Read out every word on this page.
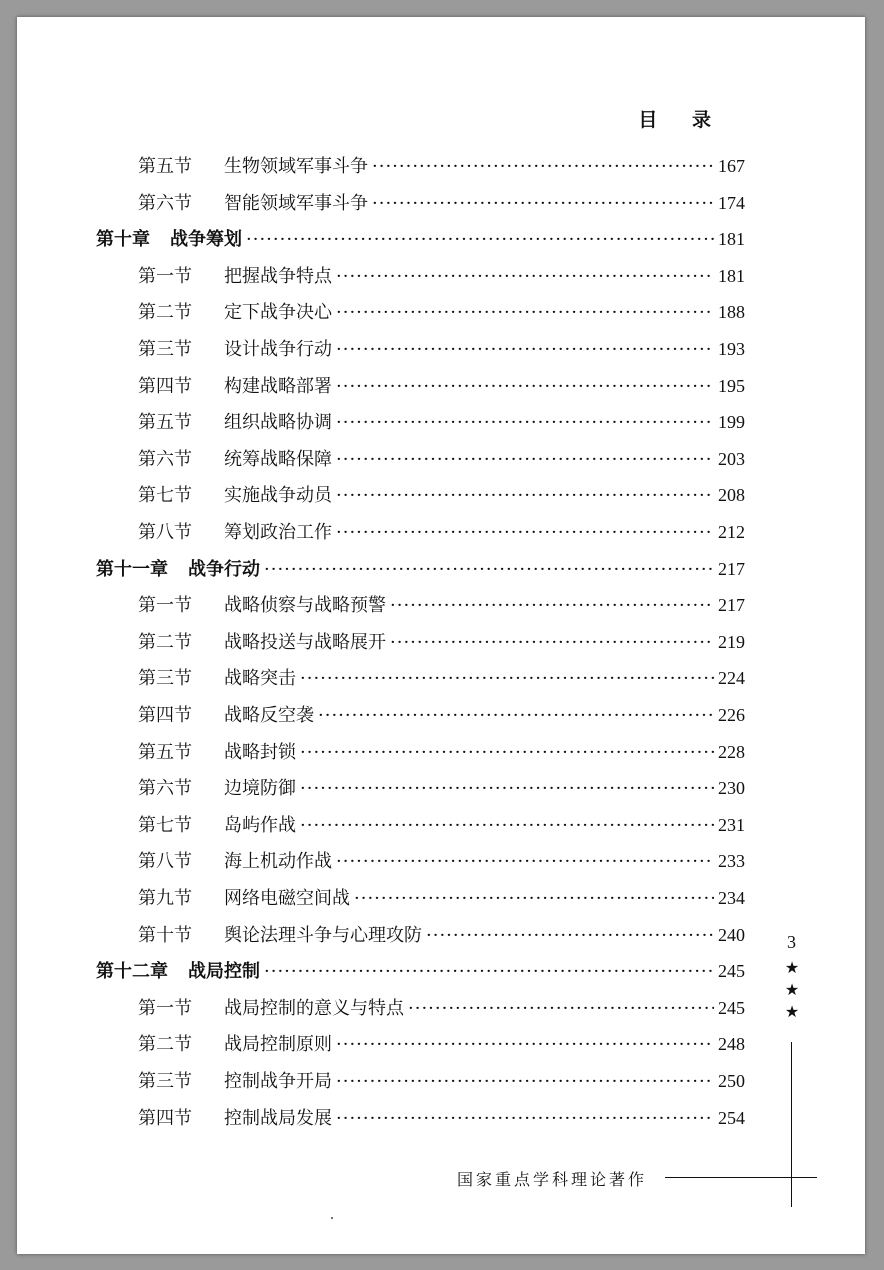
目 录
第五节	生物领域军事斗争 ·····	167
第六节	智能领域军事斗争 ·····	174
第十章 战争筹划 ·····	181
第一节	把握战争特点 ·····	181
第二节	定下战争决心 ·····	188
第三节	设计战争行动 ·····	193
第四节	构建战略部署 ·····	195
第五节	组织战略协调 ·····	199
第六节	统筹战略保障 ·····	203
第七节	实施战争动员 ·····	208
第八节	筹划政治工作 ·····	212
第十一章 战争行动 ·····	217
第一节	战略侦察与战略预警 ·····	217
第二节	战略投送与战略展开 ·····	219
第三节	战略突击 ·····	224
第四节	战略反空袭 ·····	226
第五节	战略封锁 ·····	228
第六节	边境防御 ·····	230
第七节	岛屿作战 ·····	231
第八节	海上机动作战 ·····	233
第九节	网络电磁空间战 ·····	234
第十节	舆论法理斗争与心理攻防 ·····	240
第十二章 战局控制 ·····	245
第一节	战局控制的意义与特点 ·····	245
第二节	战局控制原则 ·····	248
第三节	控制战争开局 ·····	250
第四节	控制战局发展 ·····	254
3
★
★
★
国家重点学科理论著作
